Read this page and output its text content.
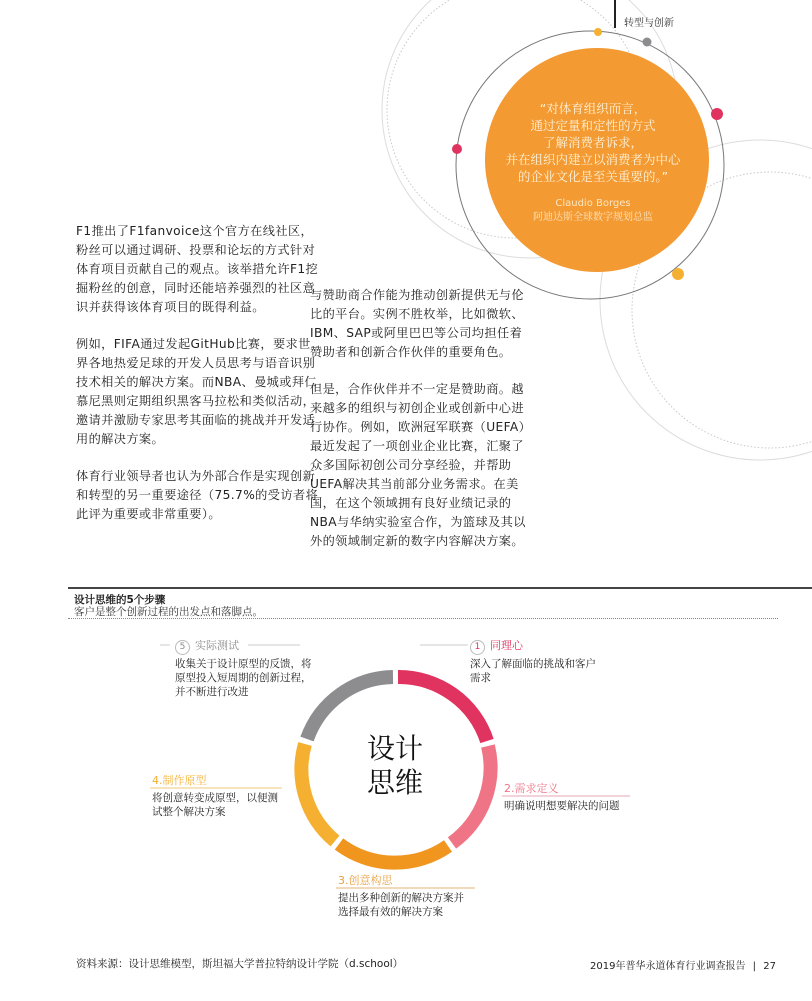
转型与创新
“对体育组织而言，
通过定量和定性的方式
了解消费者诉求，
并在组织内建立以消费者为中心
的企业文化是至关重要的。”
Claudio Borges
阿迪达斯全球数字规划总监

F1推出了F1fanvoice这个官方在线社区，粉丝可以通过调研、投票和论坛的方式针对体育项目贡献自己的观点。该举措允许F1挖掘粉丝的创意，同时还能培养强烈的社区意识并获得该体育项目的既得利益。

例如，FIFA通过发起GitHub比赛，要求世界各地热爱足球的开发人员思考与语音识别技术相关的解决方案。而NBA、曼城或拜仁慕尼黑则定期组织黑客马拉松和类似活动，邀请并激励专家思考其面临的挑战并开发适用的解决方案。

体育行业领导者也认为外部合作是实现创新和转型的另一重要途径（75.7%的受访者将此评为重要或非常重要）。

与赞助商合作能为推动创新提供无与伦比的平台。实例不胜枚举，比如微软、IBM、SAP或阿里巴巴等公司均担任着赞助者和创新合作伙伴的重要角色。

但是，合作伙伴并不一定是赞助商。越来越多的组织与初创企业或创新中心进行协作。例如，欧洲冠军联赛（UEFA）最近发起了一项创业企业比赛，汇聚了众多国际初创公司分享经验，并帮助UEFA解决其当前部分业务需求。在美国，在这个领域拥有良好业绩记录的NBA与华纳实验室合作，为篮球及其以外的领域制定新的数字内容解决方案。

设计思维的5个步骤
客户是整个创新过程的出发点和落脚点。
设计
思维
5 实际测试
收集关于设计原型的反馈，将
原型投入短周期的创新过程，
并不断进行改进
1 同理心
深入了解面临的挑战和客户
需求
2.需求定义
明确说明想要解决的问题
4.制作原型
将创意转变成原型，以便测
试整个解决方案
3.创意构思
提出多种创新的解决方案并
选择最有效的解决方案
资料来源：设计思维模型，斯坦福大学普拉特纳设计学院（d.school）	2019年普华永道体育行业调查报告 | 27
